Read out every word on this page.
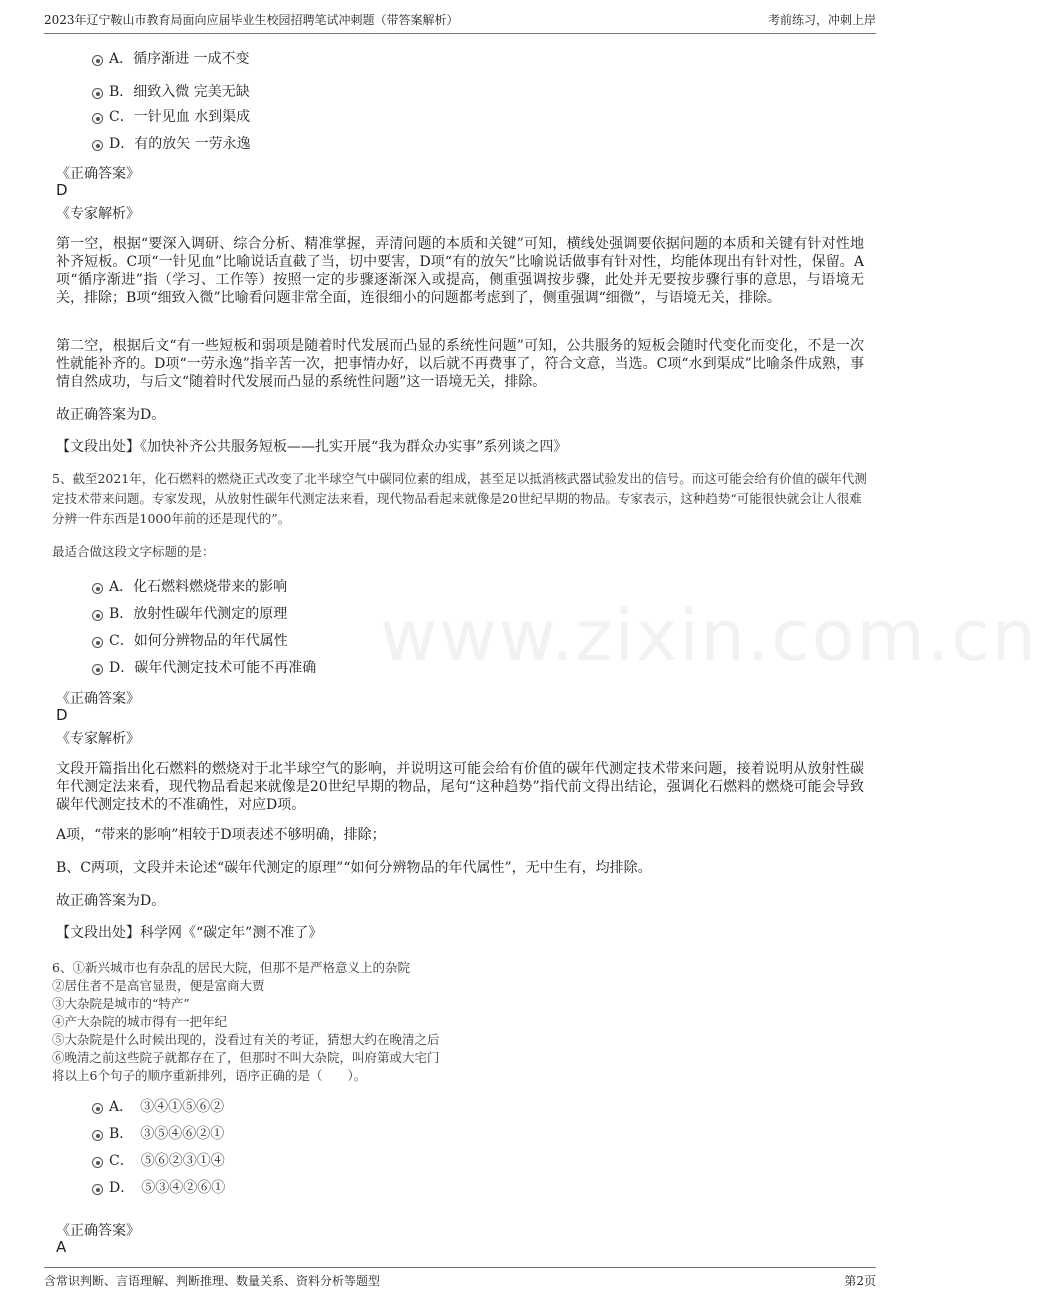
2023年辽宁鞍山市教育局面向应届毕业生校园招聘笔试冲刺题（带答案解析）	考前练习，冲刺上岸
www.zixin.com.cn
A．循序渐进 一成不变
B．细致入微 完美无缺
C．一针见血 水到渠成
D．有的放矢 一劳永逸
《正确答案》
D
《专家解析》
第一空，根据“要深入调研、综合分析、精准掌握，弄清问题的本质和关键”可知，横线处强调要依据问题的本质和关键有针对性地补齐短板。C项“一针见血”比喻说话直截了当，切中要害，D项“有的放矢”比喻说话做事有针对性，均能体现出有针对性，保留。A项“循序渐进”指（学习、工作等）按照一定的步骤逐渐深入或提高，侧重强调按步骤，此处并无要按步骤行事的意思，与语境无关，排除；B项“细致入微”比喻看问题非常全面，连很细小的问题都考虑到了，侧重强调“细微”，与语境无关，排除。
第二空，根据后文“有一些短板和弱项是随着时代发展而凸显的系统性问题”可知，公共服务的短板会随时代变化而变化，不是一次性就能补齐的。D项“一劳永逸”指辛苦一次，把事情办好，以后就不再费事了，符合文意，当选。C项“水到渠成”比喻条件成熟，事情自然成功，与后文“随着时代发展而凸显的系统性问题”这一语境无关，排除。
故正确答案为D。
【文段出处】《加快补齐公共服务短板——扎实开展“我为群众办实事”系列谈之四》
5、截至2021年，化石燃料的燃烧正式改变了北半球空气中碳同位素的组成，甚至足以抵消核武器试验发出的信号。而这可能会给有价值的碳年代测定技术带来问题。专家发现，从放射性碳年代测定法来看，现代物品看起来就像是20世纪早期的物品。专家表示，这种趋势“可能很快就会让人很难分辨一件东西是1000年前的还是现代的”。
最适合做这段文字标题的是：
A．化石燃料燃烧带来的影响
B．放射性碳年代测定的原理
C．如何分辨物品的年代属性
D．碳年代测定技术可能不再准确
《正确答案》
D
《专家解析》
文段开篇指出化石燃料的燃烧对于北半球空气的影响，并说明这可能会给有价值的碳年代测定技术带来问题，接着说明从放射性碳年代测定法来看，现代物品看起来就像是20世纪早期的物品，尾句“这种趋势”指代前文得出结论，强调化石燃料的燃烧可能会导致碳年代测定技术的不准确性，对应D项。
A项，“带来的影响”相较于D项表述不够明确，排除；
B、C两项，文段并未论述“碳年代测定的原理”“如何分辨物品的年代属性”，无中生有，均排除。
故正确答案为D。
【文段出处】科学网《“碳定年”测不准了》
6、①新兴城市也有杂乱的居民大院，但那不是严格意义上的杂院
②居住者不是高官显贵，便是富商大贾
③大杂院是城市的“特产”
④产大杂院的城市得有一把年纪
⑤大杂院是什么时候出现的，没看过有关的考证，猜想大约在晚清之后
⑥晚清之前这些院子就都存在了，但那时不叫大杂院，叫府第或大宅门
将以上6个句子的顺序重新排列，语序正确的是（　　）。
A．　③④①⑤⑥②
B．　③⑤④⑥②①
C．　⑤⑥②③①④
D．　⑤③④②⑥①
《正确答案》
A
含常识判断、言语理解、判断推理、数量关系、资料分析等题型	第2页
